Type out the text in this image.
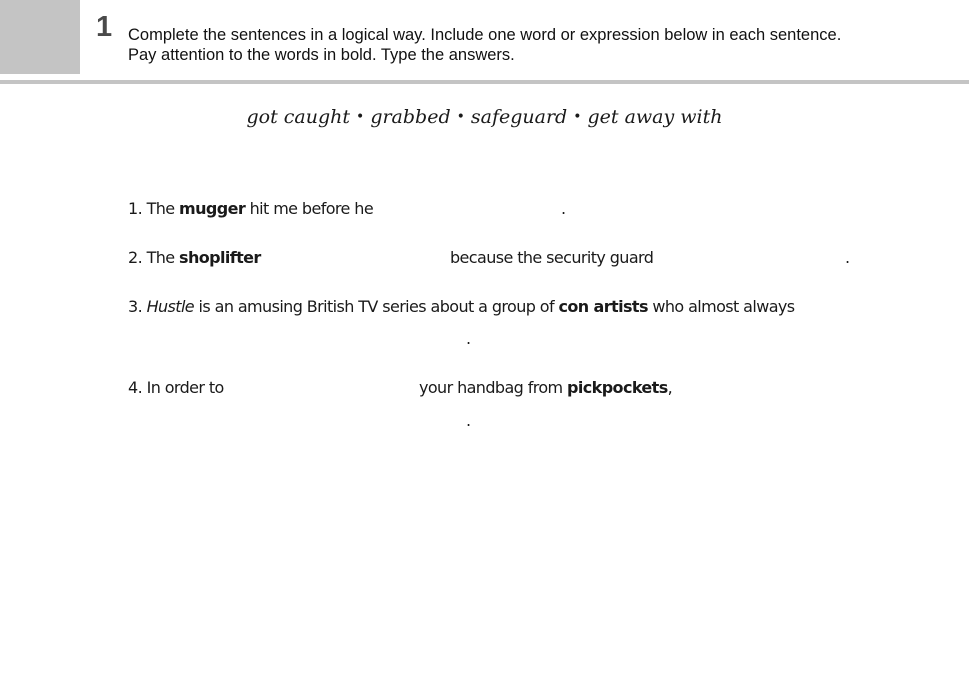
1 Complete the sentences in a logical way. Include one word or expression below in each sentence.
Pay attention to the words in bold. Type the answers.
got caught • grabbed • safeguard • get away with
1. The mugger hit me before he	.
2. The shoplifter	because the security guard	.
3. Hustle is an amusing British TV series about a group of con artists who almost always
.
4. In order to	your handbag from pickpockets,
.
